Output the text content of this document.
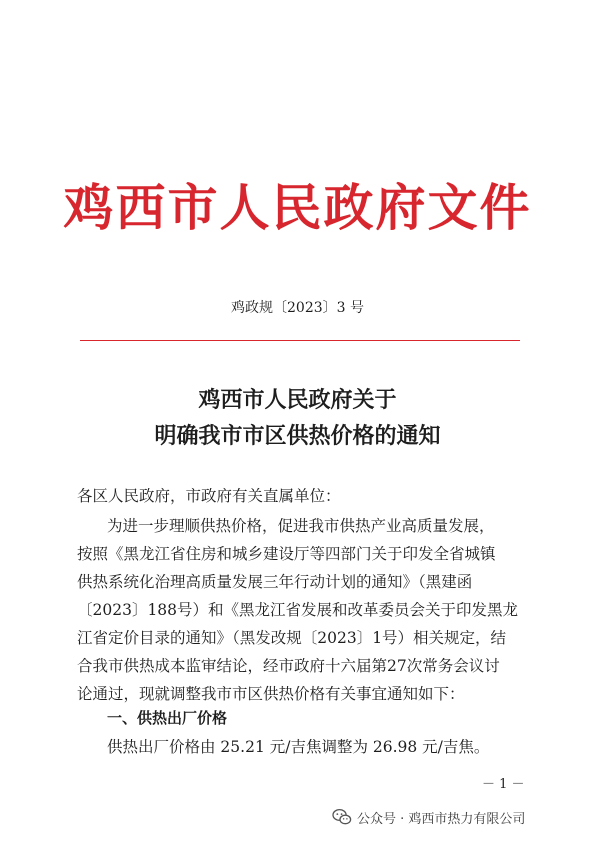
鸡西市人民政府文件
鸡政规〔2023〕3 号
鸡西市人民政府关于
明确我市市区供热价格的通知
各区人民政府，市政府有关直属单位：
为进一步理顺供热价格，促进我市供热产业高质量发展，
按照《黑龙江省住房和城乡建设厅等四部门关于印发全省城镇
供热系统化治理高质量发展三年行动计划的通知》（黑建函
〔2023〕188号）和《黑龙江省发展和改革委员会关于印发黑龙
江省定价目录的通知》（黑发改规〔2023〕1号）相关规定，结
合我市供热成本监审结论，经市政府十六届第27次常务会议讨
论通过，现就调整我市市区供热价格有关事宜通知如下：
一、供热出厂价格
供热出厂价格由 25.21 元/吉焦调整为 26.98 元/吉焦。
－ 1 －
公众号 · 鸡西市热力有限公司
